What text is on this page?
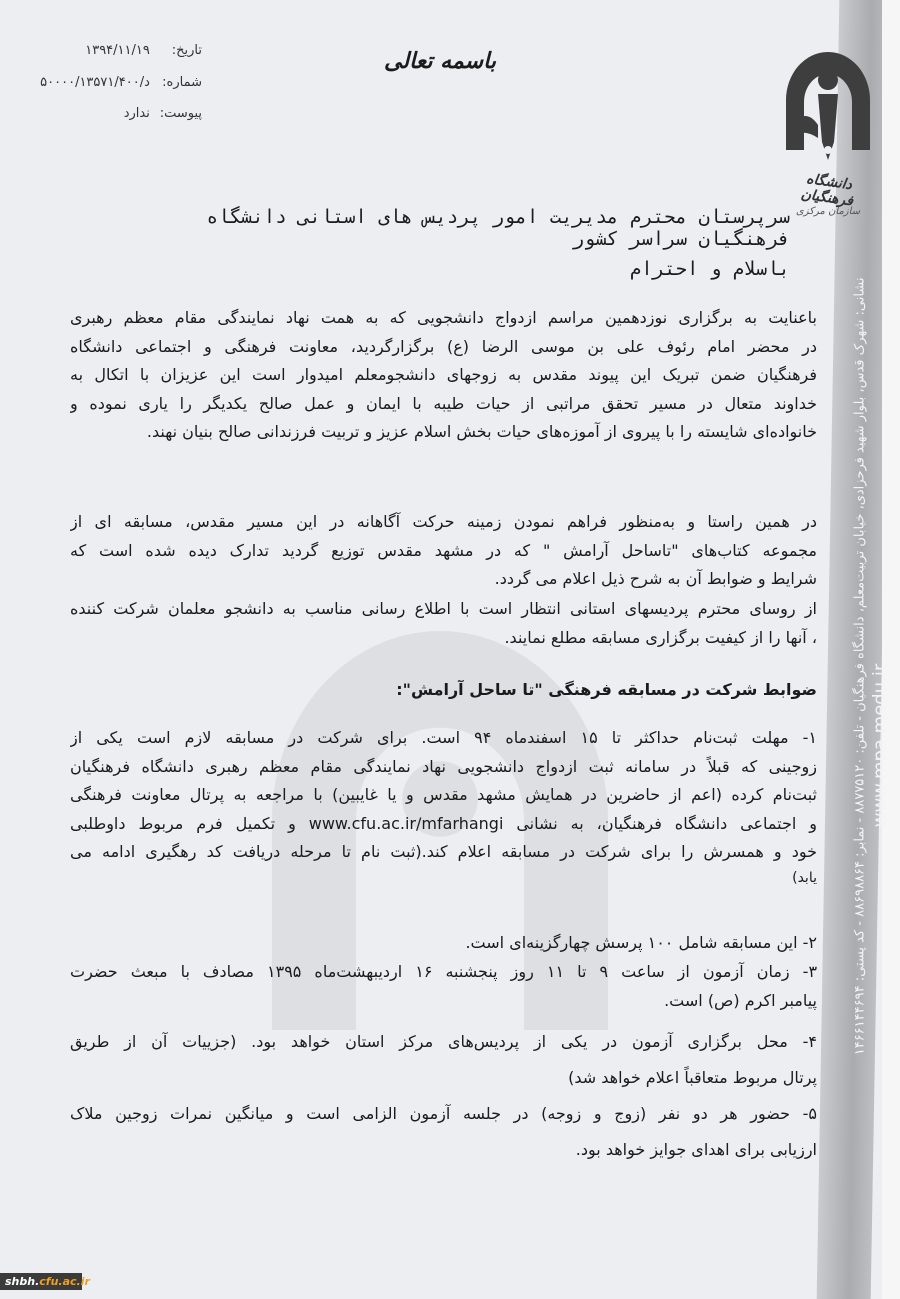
دانشگاه فرهنگیان
سازمان مرکزی
باسمه تعالی
تاریخ: ۱۳۹۴/۱۱/۱۹
شماره: د/۵۰۰۰۰/۱۳۵۷۱/۴۰۰
پیوست: ندارد
سرپرستان محترم مدیریت امور پردیس های استانی دانشگاه
فرهنگیان سراسر کشور
باسلام و احترام
باعنایت به برگزاری نوزدهمین مراسم ازدواج دانشجویی که به همت نهاد نمایندگی مقام معظم رهبری
در محضر امام رئوف علی بن موسی الرضا (ع) برگزارگردید، معاونت فرهنگی و اجتماعی دانشگاه
فرهنگیان ضمن تبریک این پیوند مقدس به زوجهای دانشجومعلم امیدوار است این عزیزان با اتکال به
خداوند متعال در مسیر تحقق مراتبی از حیات طیبه با ایمان و عمل صالح یکدیگر را یاری نموده و
خانواده‌ای شایسته را با پیروی از آموزه‌های حیات بخش اسلام عزیز و تربیت فرزندانی صالح بنیان نهند.
در همین راستا و به‌منظور فراهم نمودن زمینه حرکت آگاهانه در این مسیر مقدس، مسابقه ای از
مجموعه کتاب‌های "تاساحل آرامش " که در مشهد مقدس توزیع گردید تدارک دیده شده است که
شرایط و ضوابط آن به شرح ذیل اعلام می گردد.
از روسای محترم پردیسهای استانی انتظار است با اطلاع رسانی مناسب به دانشجو معلمان شرکت کننده
، آنها را از کیفیت برگزاری مسابقه مطلع نمایند.
ضوابط شرکت در مسابقه فرهنگی "تا ساحل آرامش":
۱- مهلت ثبت‌نام حداکثر تا ۱۵ اسفندماه ۹۴ است. برای شرکت در مسابقه لازم است یکی از
زوجینی که قبلاً در سامانه ثبت ازدواج دانشجویی نهاد نمایندگی مقام معظم رهبری دانشگاه فرهنگیان
ثبت‌نام کرده (اعم از حاضرین در همایش مشهد مقدس و یا غایبین) با مراجعه به پرتال معاونت فرهنگی
و اجتماعی دانشگاه فرهنگیان، به نشانی www.cfu.ac.ir/mfarhangi و تکمیل فرم مربوط داوطلبی
خود و همسرش را برای شرکت در مسابقه اعلام کند.(ثبت نام تا مرحله دریافت کد رهگیری ادامه می
یابد)
۲- این مسابقه شامل ۱۰۰ پرسش چهارگزینه‌ای است.
۳- زمان آزمون از ساعت ۹ تا ۱۱ روز پنجشنبه ۱۶ اردیبهشت‌ماه ۱۳۹۵ مصادف با مبعث حضرت
پیامبر اکرم (ص) است.
۴- محل برگزاری آزمون در یکی از پردیس‌های مرکز استان خواهد بود. (جزییات آن از طریق
پرتال مربوط متعاقباً اعلام خواهد شد)
۵- حضور هر دو نفر (زوج و زوجه) در جلسه آزمون الزامی است و میانگین نمرات زوجین ملاک
ارزیابی برای اهدای جوایز خواهد بود.
نشانی: شهرک قدس، بلوار شهید فرحزادی، خیابان تربیت‌معلم، دانشگاه فرهنگیان - تلفن: ۸۸۷۷۵۱۲۰ - نمابر: ۸۸۶۹۸۸۶۴ - کد پستی: ۱۴۶۶۱۴۴۶۹۴ www.mpa.medu.ir
shbh.cfu.ac.ir
